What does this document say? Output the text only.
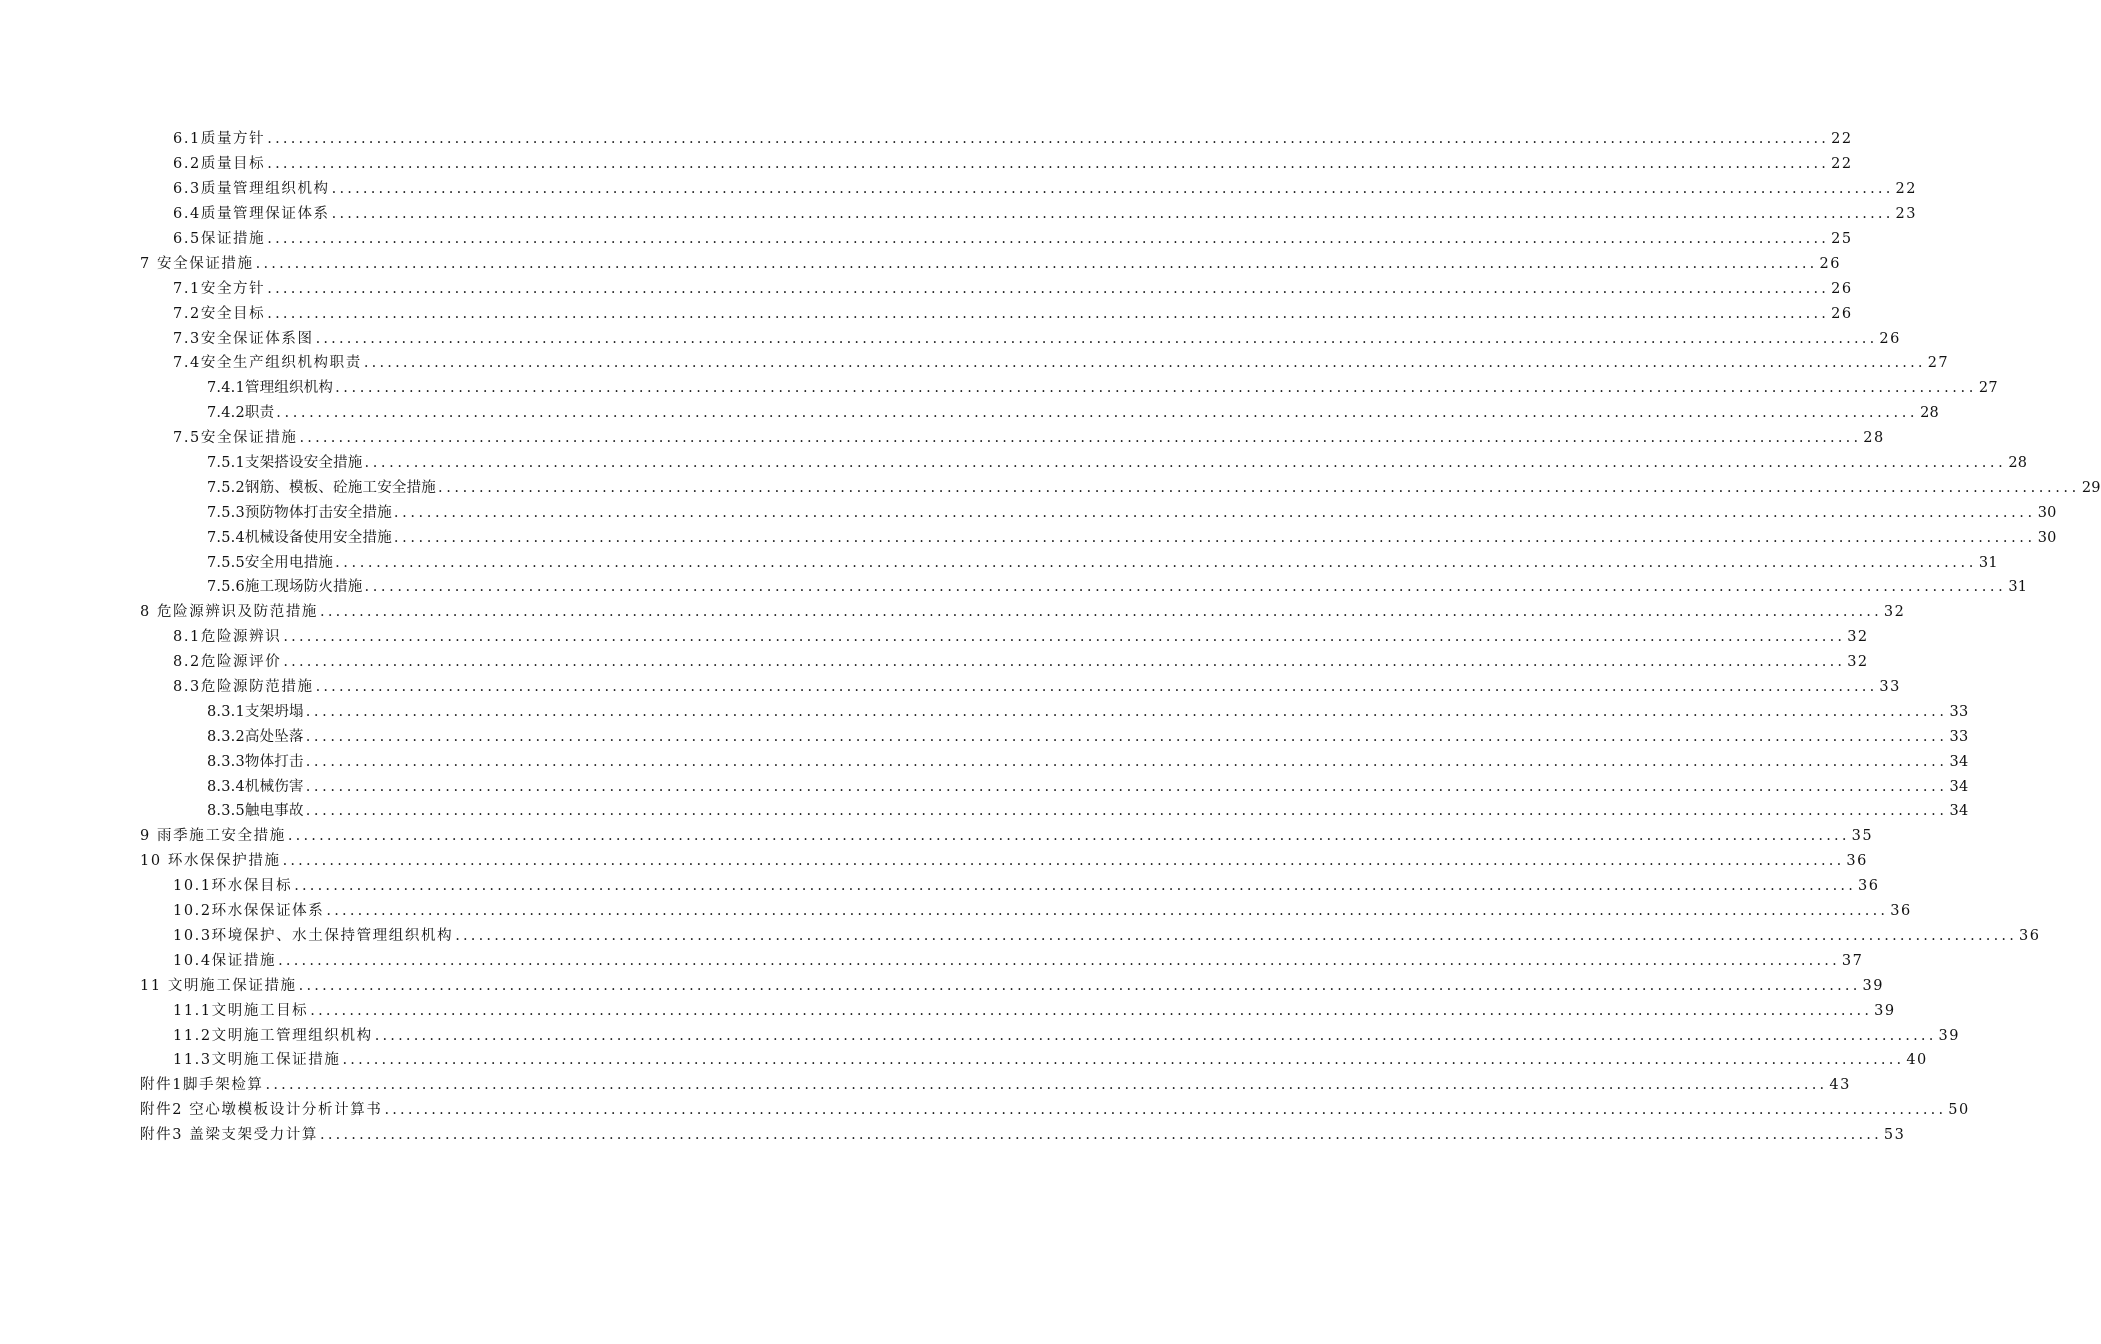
6.1质量方针 ........................................................................................................................................................................................................ 22
6.2质量目标 ........................................................................................................................................................................................................ 22
6.3质量管理组织机构 ........................................................................................................................................................................................................ 22
6.4质量管理保证体系 ........................................................................................................................................................................................................ 23
6.5保证措施 ........................................................................................................................................................................................................ 25
7 安全保证措施 ........................................................................................................................................................................................................ 26
7.1安全方针 ........................................................................................................................................................................................................ 26
7.2安全目标 ........................................................................................................................................................................................................ 26
7.3安全保证体系图 ........................................................................................................................................................................................................ 26
7.4安全生产组织机构职责 ........................................................................................................................................................................................................ 27
7.4.1管理组织机构 ........................................................................................................................................................................................................ 27
7.4.2职责 ........................................................................................................................................................................................................ 28
7.5安全保证措施 ........................................................................................................................................................................................................ 28
7.5.1支架搭设安全措施 ........................................................................................................................................................................................................ 28
7.5.2钢筋、模板、砼施工安全措施 ........................................................................................................................................................................................................ 29
7.5.3预防物体打击安全措施 ........................................................................................................................................................................................................ 30
7.5.4机械设备使用安全措施 ........................................................................................................................................................................................................ 30
7.5.5安全用电措施 ........................................................................................................................................................................................................ 31
7.5.6施工现场防火措施 ........................................................................................................................................................................................................ 31
8 危险源辨识及防范措施 ........................................................................................................................................................................................................ 32
8.1危险源辨识 ........................................................................................................................................................................................................ 32
8.2危险源评价 ........................................................................................................................................................................................................ 32
8.3危险源防范措施 ........................................................................................................................................................................................................ 33
8.3.1支架坍塌 ........................................................................................................................................................................................................ 33
8.3.2高处坠落 ........................................................................................................................................................................................................ 33
8.3.3物体打击 ........................................................................................................................................................................................................ 34
8.3.4机械伤害 ........................................................................................................................................................................................................ 34
8.3.5触电事故 ........................................................................................................................................................................................................ 34
9 雨季施工安全措施 ........................................................................................................................................................................................................ 35
10 环水保保护措施 ........................................................................................................................................................................................................ 36
10.1环水保目标 ........................................................................................................................................................................................................ 36
10.2环水保保证体系 ........................................................................................................................................................................................................ 36
10.3环境保护、水土保持管理组织机构 ........................................................................................................................................................................................................ 36
10.4保证措施 ........................................................................................................................................................................................................ 37
11 文明施工保证措施 ........................................................................................................................................................................................................ 39
11.1文明施工目标 ........................................................................................................................................................................................................ 39
11.2文明施工管理组织机构 ........................................................................................................................................................................................................ 39
11.3文明施工保证措施 ........................................................................................................................................................................................................ 40
附件1脚手架检算 ........................................................................................................................................................................................................ 43
附件2 空心墩模板设计分析计算书 ........................................................................................................................................................................................................ 50
附件3 盖梁支架受力计算 ........................................................................................................................................................................................................ 53
